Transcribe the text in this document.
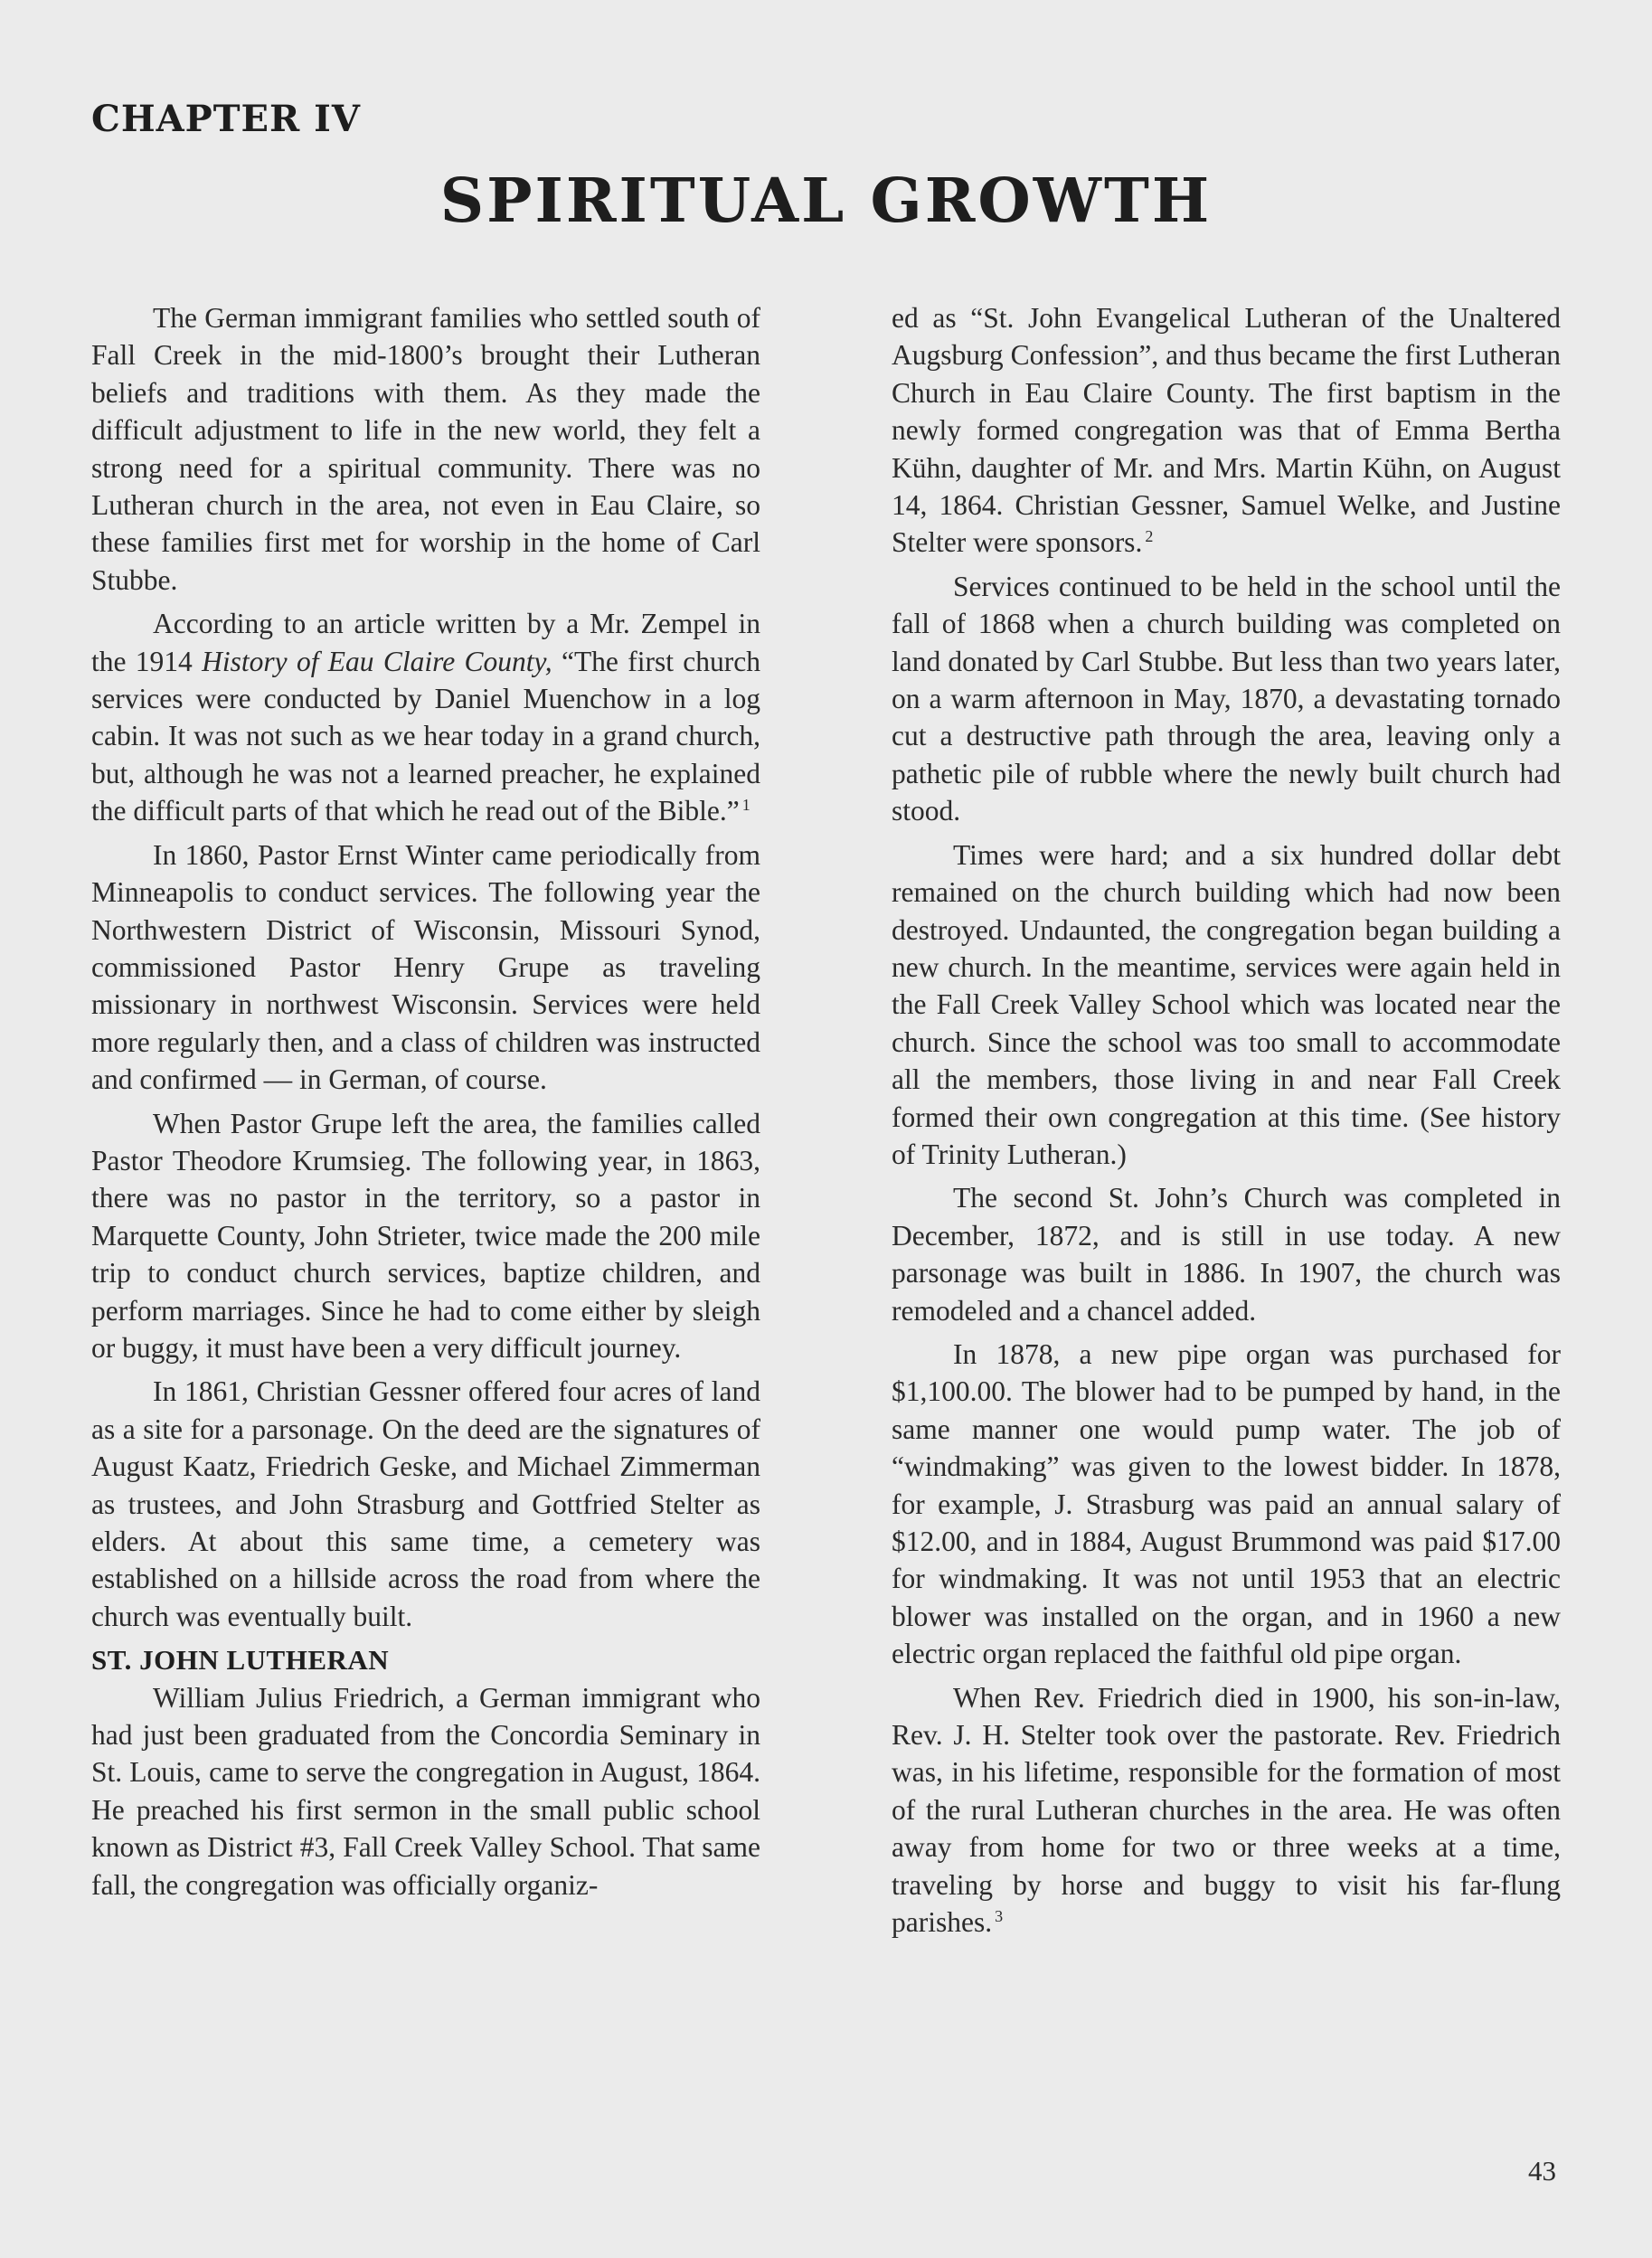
CHAPTER IV
SPIRITUAL GROWTH

The German immigrant families who settled south of Fall Creek in the mid-1800’s brought their Lutheran beliefs and traditions with them. As they made the difficult adjustment to life in the new world, they felt a strong need for a spiritual community. There was no Lutheran church in the area, not even in Eau Claire, so these families first met for worship in the home of Carl Stubbe.

According to an article written by a Mr. Zempel in the 1914 History of Eau Claire County, “The first church services were conducted by Daniel Muenchow in a log cabin. It was not such as we hear today in a grand church, but, although he was not a learned preacher, he explained the difficult parts of that which he read out of the Bible.” $^1$

In 1860, Pastor Ernst Winter came periodically from Minneapolis to conduct services. The following year the Northwestern District of Wisconsin, Missouri Synod, commissioned Pastor Henry Grupe as traveling missionary in northwest Wisconsin. Services were held more regularly then, and a class of children was instructed and confirmed — in German, of course.

When Pastor Grupe left the area, the families called Pastor Theodore Krumsieg. The following year, in 1863, there was no pastor in the territory, so a pastor in Marquette County, John Strieter, twice made the 200 mile trip to conduct church services, baptize children, and perform marriages. Since he had to come either by sleigh or buggy, it must have been a very difficult journey.

In 1861, Christian Gessner offered four acres of land as a site for a parsonage. On the deed are the signatures of August Kaatz, Friedrich Geske, and Michael Zimmerman as trustees, and John Strasburg and Gottfried Stelter as elders. At about this same time, a cemetery was established on a hillside across the road from where the church was eventually built.

ST. JOHN LUTHERAN

William Julius Friedrich, a German immigrant who had just been graduated from the Concordia Seminary in St. Louis, came to serve the congregation in August, 1864. He preached his first sermon in the small public school known as District #3, Fall Creek Valley School. That same fall, the congregation was officially organiz-

ed as “St. John Evangelical Lutheran of the Unaltered Augsburg Confession”, and thus became the first Lutheran Church in Eau Claire County. The first baptism in the newly formed congregation was that of Emma Bertha Kühn, daughter of Mr. and Mrs. Martin Kühn, on August 14, 1864. Christian Gessner, Samuel Welke, and Justine Stelter were sponsors. $^2$

Services continued to be held in the school until the fall of 1868 when a church building was completed on land donated by Carl Stubbe. But less than two years later, on a warm afternoon in May, 1870, a devastating tornado cut a destructive path through the area, leaving only a pathetic pile of rubble where the newly built church had stood.

Times were hard; and a six hundred dollar debt remained on the church building which had now been destroyed. Undaunted, the congregation began building a new church. In the meantime, services were again held in the Fall Creek Valley School which was located near the church. Since the school was too small to accommodate all the members, those living in and near Fall Creek formed their own congregation at this time. (See history of Trinity Lutheran.)

The second St. John’s Church was completed in December, 1872, and is still in use today. A new parsonage was built in 1886. In 1907, the church was remodeled and a chancel added.

In 1878, a new pipe organ was purchased for $1,100.00. The blower had to be pumped by hand, in the same manner one would pump water. The job of “windmaking” was given to the lowest bidder. In 1878, for example, J. Strasburg was paid an annual salary of $12.00, and in 1884, August Brummond was paid $17.00 for windmaking. It was not until 1953 that an electric blower was installed on the organ, and in 1960 a new electric organ replaced the faithful old pipe organ.

When Rev. Friedrich died in 1900, his son-in-law, Rev. J. H. Stelter took over the pastorate. Rev. Friedrich was, in his lifetime, responsible for the formation of most of the rural Lutheran churches in the area. He was often away from home for two or three weeks at a time, traveling by horse and buggy to visit his far-flung parishes. $^3$

43
